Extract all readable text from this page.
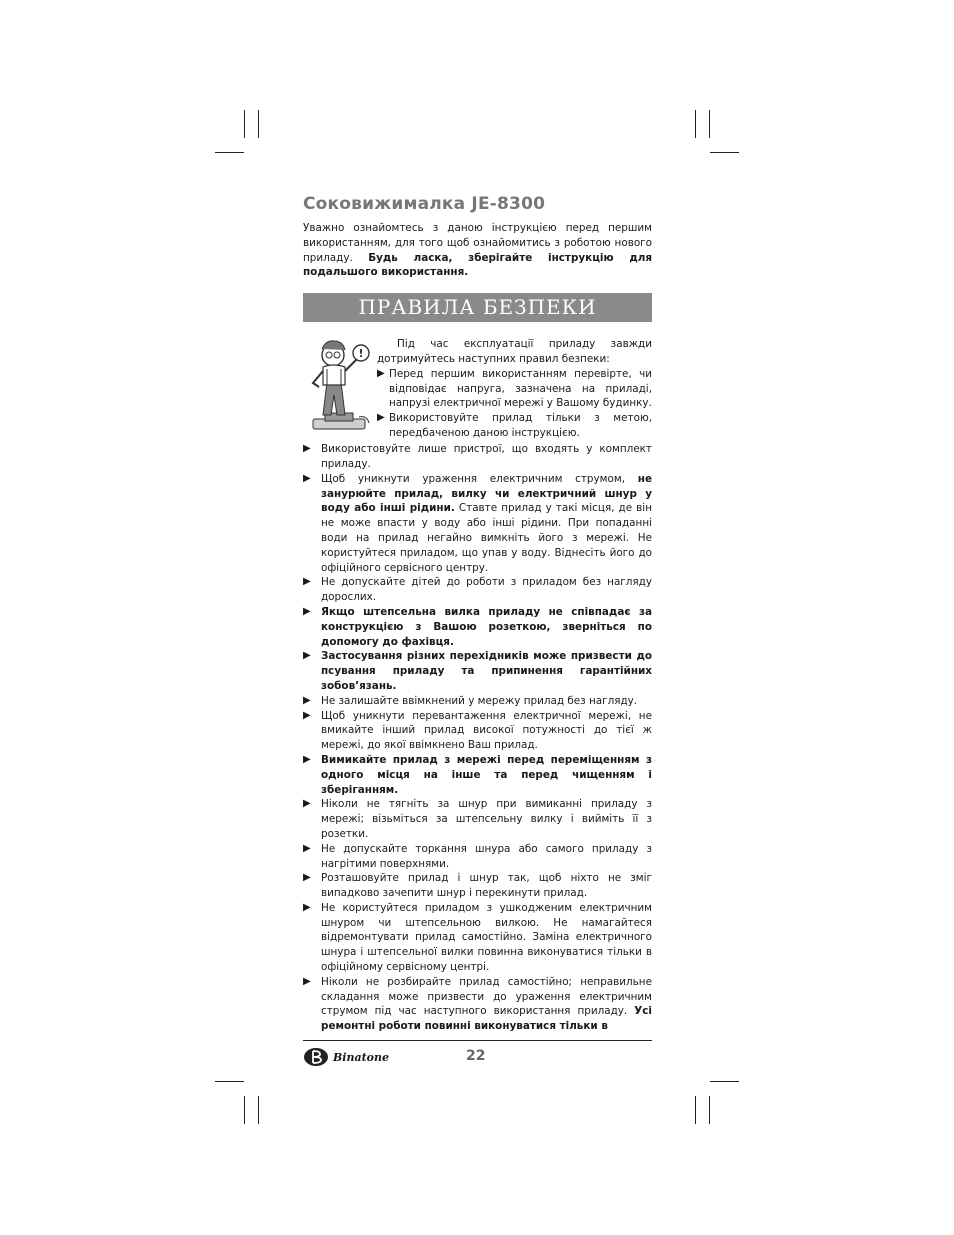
Соковижималка JE-8300

Уважно ознайомтесь з даною інструкцією перед першим використанням, для того щоб ознайомитись з роботою нового приладу. Будь ласка, зберігайте інструкцію для подальшого використання.

ПРАВИЛА БЕЗПЕКИ
!

Під час експлуатації приладу завжди дотримуйтесь наступних правил безпеки:

▶ Перед першим використанням перевірте, чи відповідає напруга, зазначена на приладі, напрузі електричної мережі у Вашому будинку.

▶ Використовуйте прилад тільки з метою, передбаченою даною інструкцією.

▶ Використовуйте лише пристрої, що входять у комплект приладу.

▶ Щоб уникнути ураження електричним струмом, не занурюйте прилад, вилку чи електричний шнур у воду або інші рідини. Ставте прилад у такі місця, де він не може впасти у воду або інші рідини. При попаданні води на прилад негайно вимкніть його з мережі. Не користуйтеся приладом, що упав у воду. Віднесіть його до офіційного сервісного центру.

▶ Не допускайте дітей до роботи з приладом без нагляду дорослих.

▶ Якщо штепсельна вилка приладу не співпадає за конструкцією з Вашою розеткою, зверніться по допомогу до фахівця.

▶ Застосування різних перехідників може призвести до псування приладу та припинення гарантійних зобов’язань.

▶ Не залишайте ввімкнений у мережу прилад без нагляду.

▶ Щоб уникнути перевантаження електричної мережі, не вмикайте інший прилад високої потужності до тієї ж мережі, до якої ввімкнено Ваш прилад.

▶ Вимикайте прилад з мережі перед переміщенням з одного місця на інше та перед чищенням і зберіганням.

▶ Ніколи не тягніть за шнур при вимиканні приладу з мережі; візьміться за штепсельну вилку і вийміть її з розетки.

▶ Не допускайте торкання шнура або самого приладу з нагрітими поверхнями.

▶ Розташовуйте прилад і шнур так, щоб ніхто не зміг випадково зачепити шнур і перекинути прилад.

▶ Не користуйтеся приладом з ушкодженим електричним шнуром чи штепсельною вилкою. Не намагайтеся відремонтувати прилад самостійно. Заміна електричного шнура і штепсельної вилки повинна виконуватися тільки в офіційному сервісному центрі.

▶ Ніколи не розбирайте прилад самостійно; неправильне складання може призвести до ураження електричним струмом під час наступного використання приладу. Усі ремонтні роботи повинні виконуватися тільки в

Binatone	22
